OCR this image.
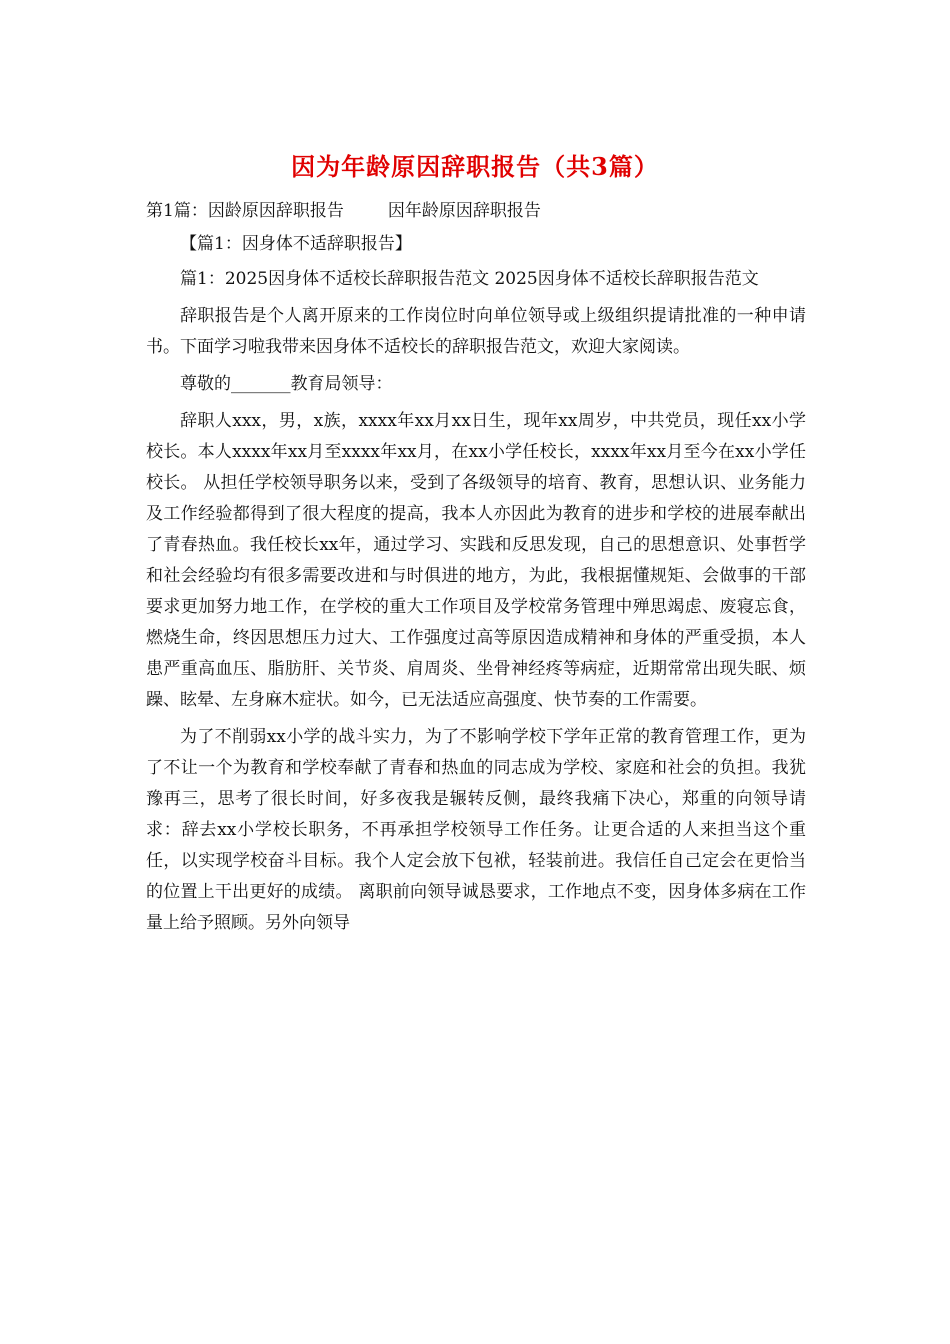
因为年龄原因辞职报告（共3篇）
第1篇：因龄原因辞职报告	因年龄原因辞职报告

【篇1：因身体不适辞职报告】

篇1：2025因身体不适校长辞职报告范文 2025因身体不适校长辞职报告范文

辞职报告是个人离开原来的工作岗位时向单位领导或上级组织提请批准的一种申请书。下面学习啦我带来因身体不适校长的辞职报告范文，欢迎大家阅读。

尊敬的_______教育局领导：

辞职人xxx，男，x族，xxxx年xx月xx日生，现年xx周岁，中共党员，现任xx小学校长。本人xxxx年xx月至xxxx年xx月，在xx小学任校长，xxxx年xx月至今在xx小学任校长。 从担任学校领导职务以来，受到了各级领导的培育、教育，思想认识、业务能力及工作经验都得到了很大程度的提高，我本人亦因此为教育的进步和学校的进展奉献出了青春热血。我任校长xx年，通过学习、实践和反思发现，自己的思想意识、处事哲学和社会经验均有很多需要改进和与时俱进的地方，为此，我根据懂规矩、会做事的干部要求更加努力地工作，在学校的重大工作项目及学校常务管理中殚思竭虑、废寝忘食，燃烧生命，终因思想压力过大、工作强度过高等原因造成精神和身体的严重受损，本人患严重高血压、脂肪肝、关节炎、肩周炎、坐骨神经疼等病症，近期常常出现失眠、烦躁、眩晕、左身麻木症状。如今，已无法适应高强度、快节奏的工作需要。

为了不削弱xx小学的战斗实力，为了不影响学校下学年正常的教育管理工作，更为了不让一个为教育和学校奉献了青春和热血的同志成为学校、家庭和社会的负担。我犹豫再三，思考了很长时间，好多夜我是辗转反侧，最终我痛下决心，郑重的向领导请求：辞去xx小学校长职务，不再承担学校领导工作任务。让更合适的人来担当这个重任，以实现学校奋斗目标。我个人定会放下包袱，轻装前进。我信任自己定会在更恰当的位置上干出更好的成绩。 离职前向领导诚恳要求，工作地点不变，因身体多病在工作量上给予照顾。另外向领导
